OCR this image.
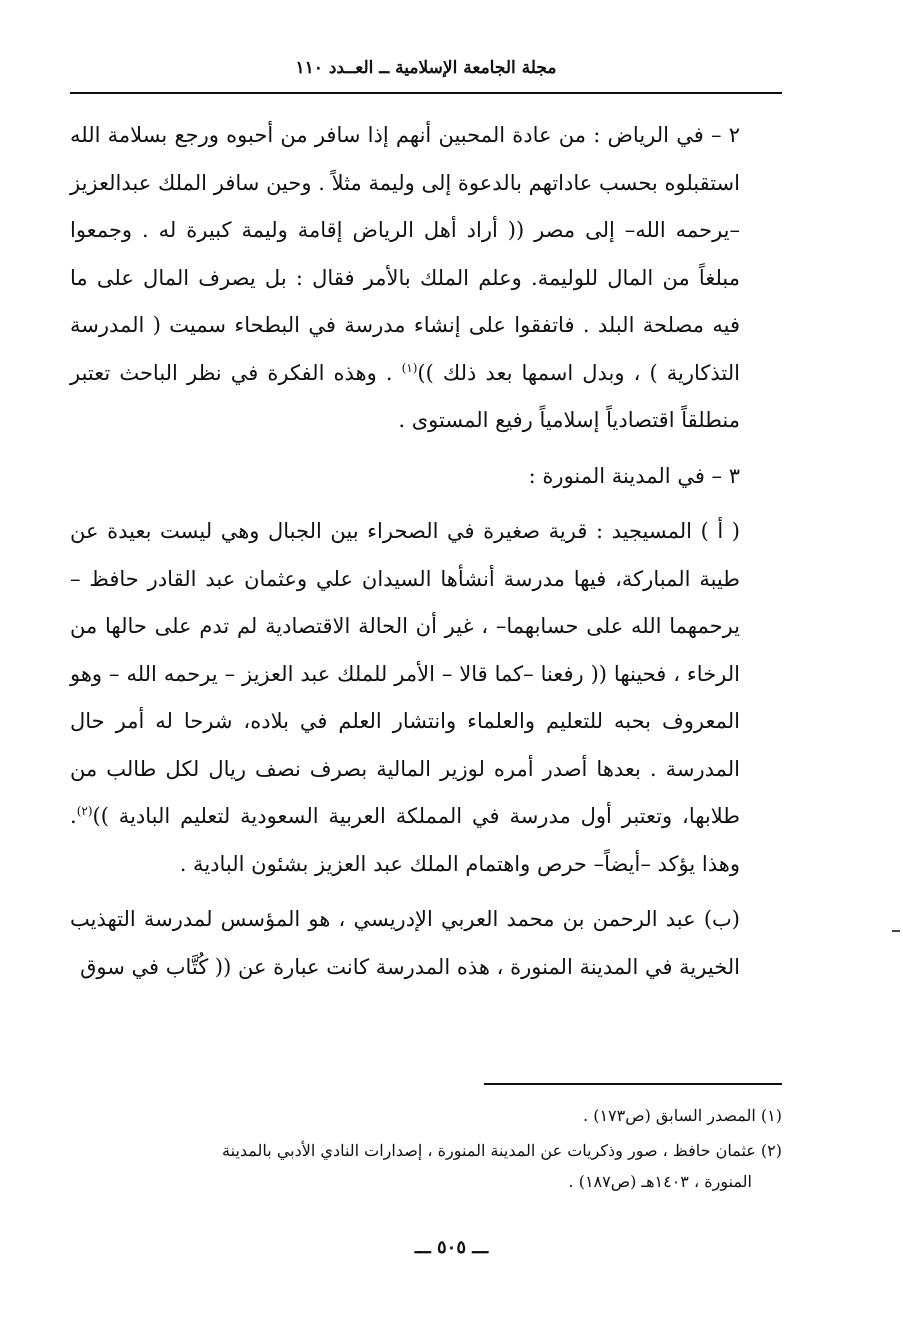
مجلة الجامعة الإسلامية ــ العــدد ١١٠

٢ – في الرياض : من عادة المحبين أنهم إذا سافر من أحبوه ورجع بسلامة الله استقبلوه بحسب عاداتهم بالدعوة إلى وليمة مثلاً . وحين سافر الملك عبدالعزيز –يرحمه الله– إلى مصر (( أراد أهل الرياض إقامة وليمة كبيرة له . وجمعوا مبلغاً من المال للوليمة. وعلم الملك بالأمر فقال : بل يصرف المال على ما فيه مصلحة البلد . فاتفقوا على إنشاء مدرسة في البطحاء سميت ( المدرسة التذكارية ) ، وبدل اسمها بعد ذلك ))$^{(١)}$ . وهذه الفكرة في نظر الباحث تعتبر منطلقاً اقتصادياً إسلامياً رفيع المستوى .

٣ – في المدينة المنورة :

( أ ) المسيجيد : قرية صغيرة في الصحراء بين الجبال وهي ليست بعيدة عن طيبة المباركة، فيها مدرسة أنشأها السيدان علي وعثمان عبد القادر حافظ –يرحمهما الله على حسابهما– ، غير أن الحالة الاقتصادية لم تدم على حالها من الرخاء ، فحينها (( رفعنا –كما قالا – الأمر للملك عبد العزيز – يرحمه الله – وهو المعروف بحبه للتعليم والعلماء وانتشار العلم في بلاده، شرحا له أمر حال المدرسة . بعدها أصدر أمره لوزير المالية بصرف نصف ريال لكل طالب من طلابها، وتعتبر أول مدرسة في المملكة العربية السعودية لتعليم البادية ))$^{(٢)}$. وهذا يؤكد –أيضاً– حرص واهتمام الملك عبد العزيز بشئون البادية .

(ب) عبد الرحمن بن محمد العربي الإدريسي ، هو المؤسس لمدرسة التهذيب الخيرية في المدينة المنورة ، هذه المدرسة كانت عبارة عن (( كُتَّاب في سوق

(١) المصدر السابق (ص١٧٣) .

(٢) عثمان حافظ ، صور وذكريات عن المدينة المنورة ، إصدارات النادي الأدبي بالمدينة
المنورة ، ١٤٠٣هـ (ص١٨٧) .

ـــ ٥٠٥ ـــ
